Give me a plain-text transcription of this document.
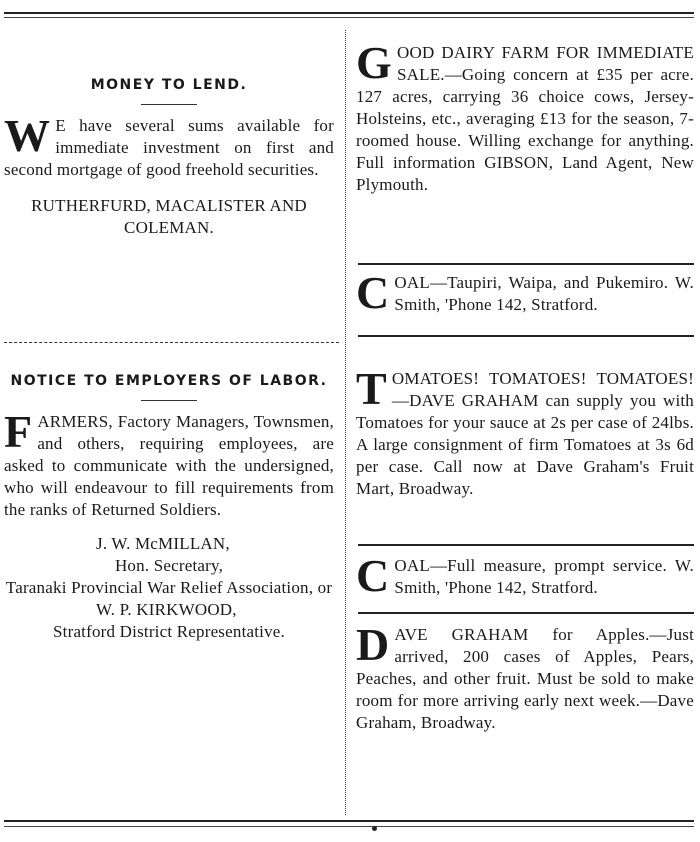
MONEY TO LEND.

W E have several sums available for immediate investment on first and second mortgage of good freehold securities.

RUTHERFURD, MACALISTER AND COLEMAN.

NOTICE TO EMPLOYERS OF LABOR.

FARMERS, Factory Managers, Townsmen, and others, requiring employees, are asked to communicate with the undersigned, who will endeavour to fill requirements from the ranks of Returned Soldiers.

J. W. McMILLAN,

Hon. Secretary,

Taranaki Provincial War Relief Association, or

W. P. KIRKWOOD,

Stratford District Representative.

GOOD DAIRY FARM FOR IMMEDIATE SALE.—Going concern at £35 per acre. 127 acres, carrying 36 choice cows, Jersey-Holsteins, etc., averaging £13 for the season, 7-roomed house. Willing exchange for anything. Full information GIBSON, Land Agent, New Plymouth.

COAL—Taupiri, Waipa, and Pukemiro. W. Smith, 'Phone 142, Stratford.

TOMATOES! TOMATOES! TOMATOES!—DAVE GRAHAM can supply you with Tomatoes for your sauce at 2s per case of 24lbs. A large consignment of firm Tomatoes at 3s 6d per case. Call now at Dave Graham's Fruit Mart, Broadway.

COAL—Full measure, prompt service. W. Smith, 'Phone 142, Stratford.

DAVE GRAHAM for Apples.—Just arrived, 200 cases of Apples, Pears, Peaches, and other fruit. Must be sold to make room for more arriving early next week.—Dave Graham, Broadway.
